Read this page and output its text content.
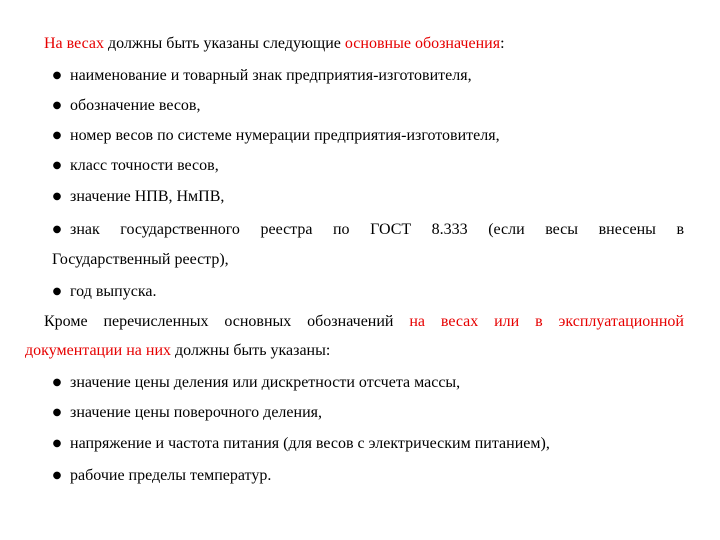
На весах должны быть указаны следующие основные обозначения:
● наименование и товарный знак предприятия-изготовителя,
● обозначение весов,
● номер весов по системе нумерации предприятия-изготовителя,
● класс точности весов,
● значение НПВ, НмПВ,
● знак государственного реестра по ГОСТ 8.333 (если весы внесены в
Государственный реестр),
● год выпуска.
Кроме перечисленных основных обозначений на весах или в эксплуатационной
документации на них должны быть указаны:
● значение цены деления или дискретности отсчета массы,
● значение цены поверочного деления,
● напряжение и частота питания (для весов с электрическим питанием),
● рабочие пределы температур.
